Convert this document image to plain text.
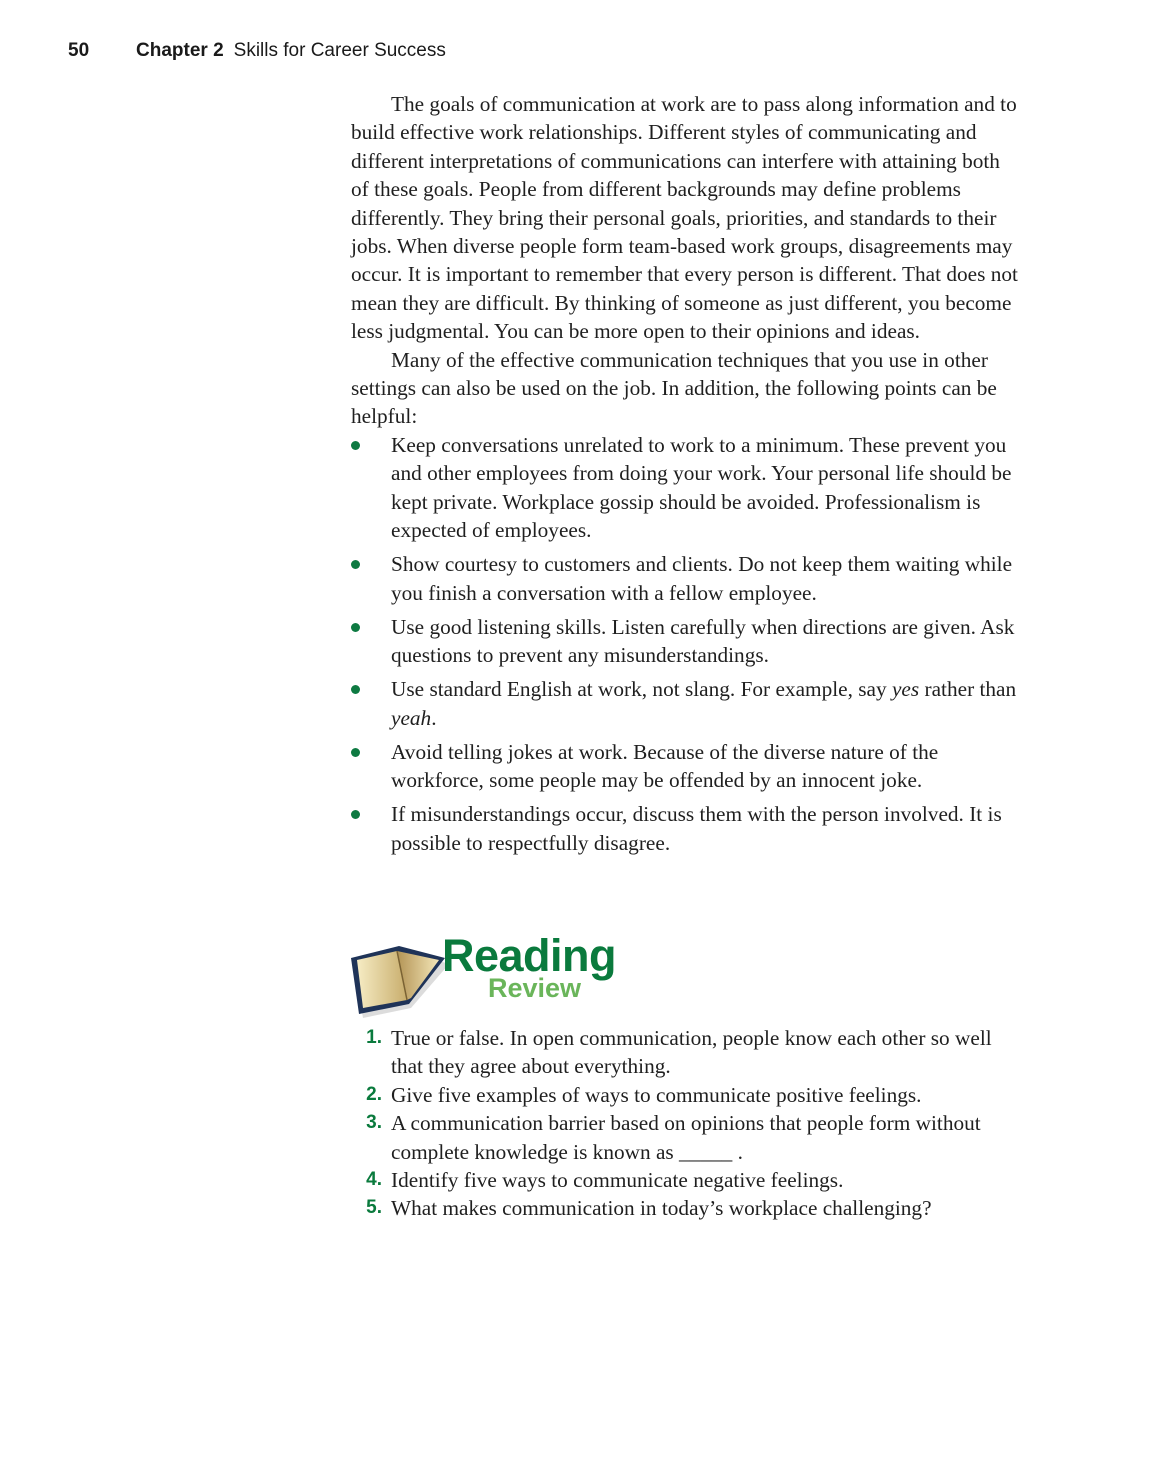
50 Chapter 2 Skills for Career Success

The goals of communication at work are to pass along information and to build effective work relationships. Different styles of communicating and different interpretations of communications can interfere with attaining both of these goals. People from different backgrounds may define problems differently. They bring their personal goals, priorities, and standards to their jobs. When diverse people form team-based work groups, disagreements may occur. It is important to remember that every person is different. That does not mean they are difficult. By thinking of someone as just different, you become less judgmental. You can be more open to their opinions and ideas.

Many of the effective communication techniques that you use in other settings can also be used on the job. In addition, the following points can be helpful:

Keep conversations unrelated to work to a minimum. These prevent you and other employees from doing your work. Your personal life should be kept private. Workplace gossip should be avoided. Professionalism is expected of employees.
Show courtesy to customers and clients. Do not keep them waiting while you finish a conversation with a fellow employee.
Use good listening skills. Listen carefully when directions are given. Ask questions to prevent any misunderstandings.
Use standard English at work, not slang. For example, say yes rather than yeah.
Avoid telling jokes at work. Because of the diverse nature of the workforce, some people may be offended by an innocent joke.
If misunderstandings occur, discuss them with the person involved. It is possible to respectfully disagree.
Reading
Review
1. True or false. In open communication, people know each other so well that they agree about everything.
2. Give five examples of ways to communicate positive feelings.
3. A communication barrier based on opinions that people form without complete knowledge is known as _____ .
4. Identify five ways to communicate negative feelings.
5. What makes communication in today’s workplace challenging?
